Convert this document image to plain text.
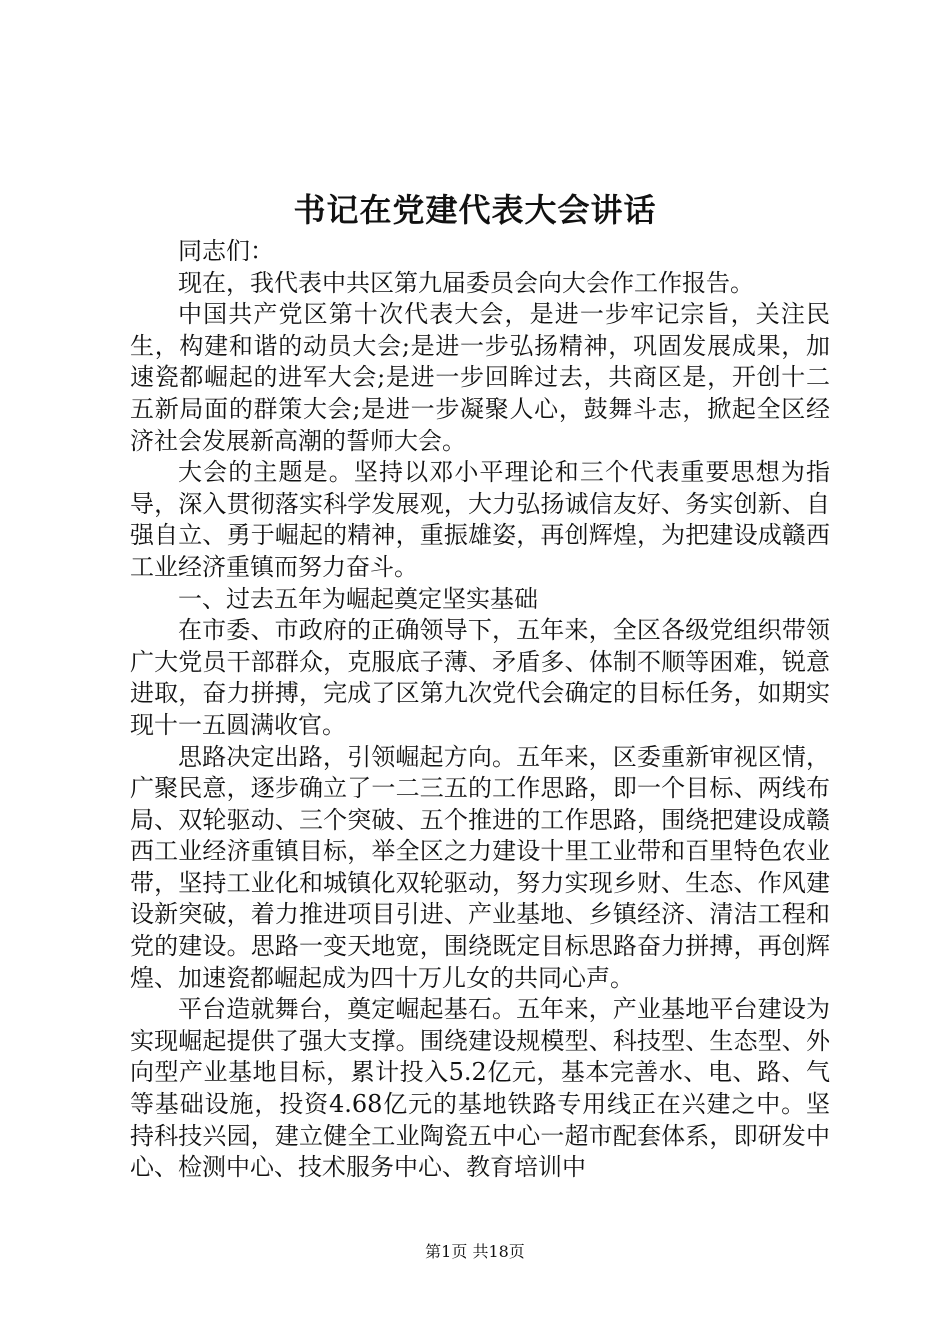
书记在党建代表大会讲话

同志们：

现在，我代表中共区第九届委员会向大会作工作报告。

中国共产党区第十次代表大会，是进一步牢记宗旨，关注民生，构建和谐的动员大会;是进一步弘扬精神，巩固发展成果，加速瓷都崛起的进军大会;是进一步回眸过去，共商区是，开创十二五新局面的群策大会;是进一步凝聚人心，鼓舞斗志，掀起全区经济社会发展新高潮的誓师大会。

大会的主题是。坚持以邓小平理论和三个代表重要思想为指导，深入贯彻落实科学发展观，大力弘扬诚信友好、务实创新、自强自立、勇于崛起的精神，重振雄姿，再创辉煌，为把建设成赣西工业经济重镇而努力奋斗。

一、过去五年为崛起奠定坚实基础

在市委、市政府的正确领导下，五年来，全区各级党组织带领广大党员干部群众，克服底子薄、矛盾多、体制不顺等困难，锐意进取，奋力拼搏，完成了区第九次党代会确定的目标任务，如期实现十一五圆满收官。

思路决定出路，引领崛起方向。五年来，区委重新审视区情，广聚民意，逐步确立了一二三五的工作思路，即一个目标、两线布局、双轮驱动、三个突破、五个推进的工作思路，围绕把建设成赣西工业经济重镇目标，举全区之力建设十里工业带和百里特色农业带，坚持工业化和城镇化双轮驱动，努力实现乡财、生态、作风建设新突破，着力推进项目引进、产业基地、乡镇经济、清洁工程和党的建设。思路一变天地宽，围绕既定目标思路奋力拼搏，再创辉煌、加速瓷都崛起成为四十万儿女的共同心声。

平台造就舞台，奠定崛起基石。五年来，产业基地平台建设为实现崛起提供了强大支撑。围绕建设规模型、科技型、生态型、外向型产业基地目标，累计投入5.2亿元，基本完善水、电、路、气等基础设施，投资4.68亿元的基地铁路专用线正在兴建之中。坚持科技兴园，建立健全工业陶瓷五中心一超市配套体系，即研发中心、检测中心、技术服务中心、教育培训中

第1页 共18页
